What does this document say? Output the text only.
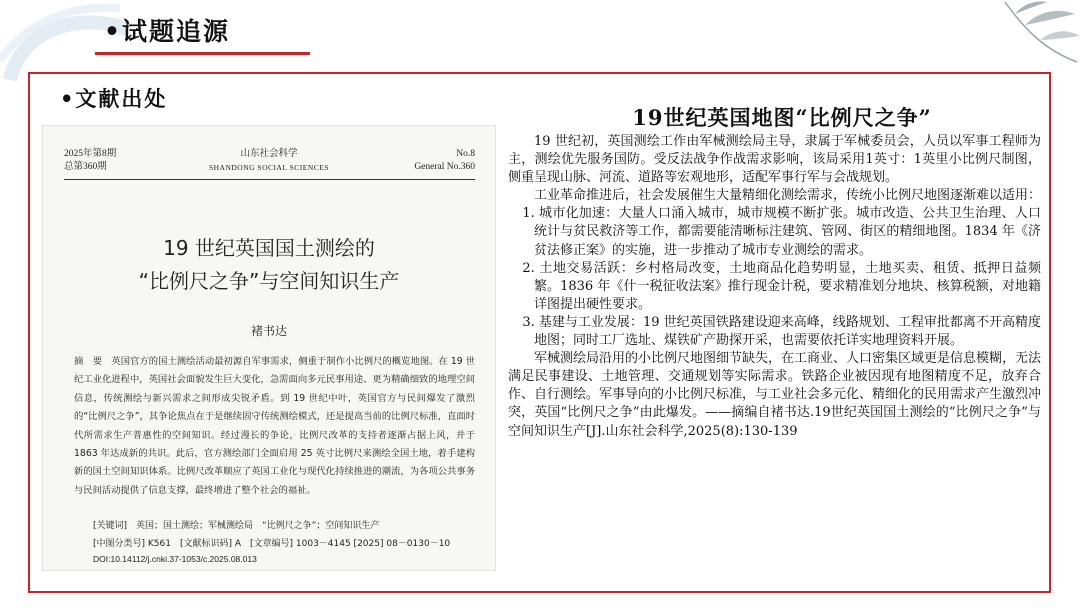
•试题追源
•文献出处
2025年第8期
总第360期
山东社会科学
SHANDONG SOCIAL SCIENCES
No.8
General No.360
19 世纪英国国土测绘的
“比例尺之争”与空间知识生产
褚书达
摘　要　英国官方的国土测绘活动最初源自军事需求，侧重于制作小比例尺的概览地图。在 19 世纪工业化进程中，英国社会面貌发生巨大变化，急需面向多元民事用途、更为精确细致的地理空间信息，传统测绘与新兴需求之间形成尖锐矛盾。到 19 世纪中叶，英国官方与民间爆发了激烈的“比例尺之争”，其争论焦点在于是继续固守传统测绘模式，还是提高当前的比例尺标准，直面时代所需求生产普惠性的空间知识。经过漫长的争论，比例尺改革的支持者逐渐占据上风，并于 1863 年达成新的共识。此后，官方测绘部门全面启用 25 英寸比例尺来测绘全国土地，着手建构新的国土空间知识体系。比例尺改革顺应了英国工业化与现代化持续推进的潮流，为各项公共事务与民间活动提供了信息支撑，最终增进了整个社会的福祉。
[关键词]　英国；国土测绘；军械测绘局　“比例尺之争”；空间知识生产
[中图分类号] K561　[文献标识码] A　[文章编号] 1003－4145 [2025] 08－0130－10
DOI:10.14112/j.cnki.37-1053/c.2025.08.013
19世纪英国地图“比例尺之争”

19 世纪初，英国测绘工作由军械测绘局主导，隶属于军械委员会，人员以军事工程师为主，测绘优先服务国防。受反法战争作战需求影响，该局采用1英寸：1英里小比例尺制图，侧重呈现山脉、河流、道路等宏观地形，适配军事行军与会战规划。

工业革命推进后，社会发展催生大量精细化测绘需求，传统小比例尺地图逐渐难以适用：

1. 城市化加速：大量人口涌入城市，城市规模不断扩张。城市改造、公共卫生治理、人口统计与贫民救济等工作，都需要能清晰标注建筑、管网、街区的精细地图。1834 年《济贫法修正案》的实施，进一步推动了城市专业测绘的需求。

2. 土地交易活跃：乡村格局改变，土地商品化趋势明显，土地买卖、租赁、抵押日益频繁。1836 年《什一税征收法案》推行现金计税，要求精准划分地块、核算税额，对地籍详图提出硬性要求。

3. 基建与工业发展：19 世纪英国铁路建设迎来高峰，线路规划、工程审批都离不开高精度地图；同时工厂选址、煤铁矿产勘探开采，也需要依托详实地理资料开展。

军械测绘局沿用的小比例尺地图细节缺失，在工商业、人口密集区域更是信息模糊，无法满足民事建设、土地管理、交通规划等实际需求。铁路企业被因现有地图精度不足，放弃合作、自行测绘。军事导向的小比例尺标准，与工业社会多元化、精细化的民用需求产生激烈冲突，英国“比例尺之争”由此爆发。——摘编自褚书达.19世纪英国国土测绘的“比例尺之争”与空间知识生产[J].山东社会科学,2025(8):130-139
